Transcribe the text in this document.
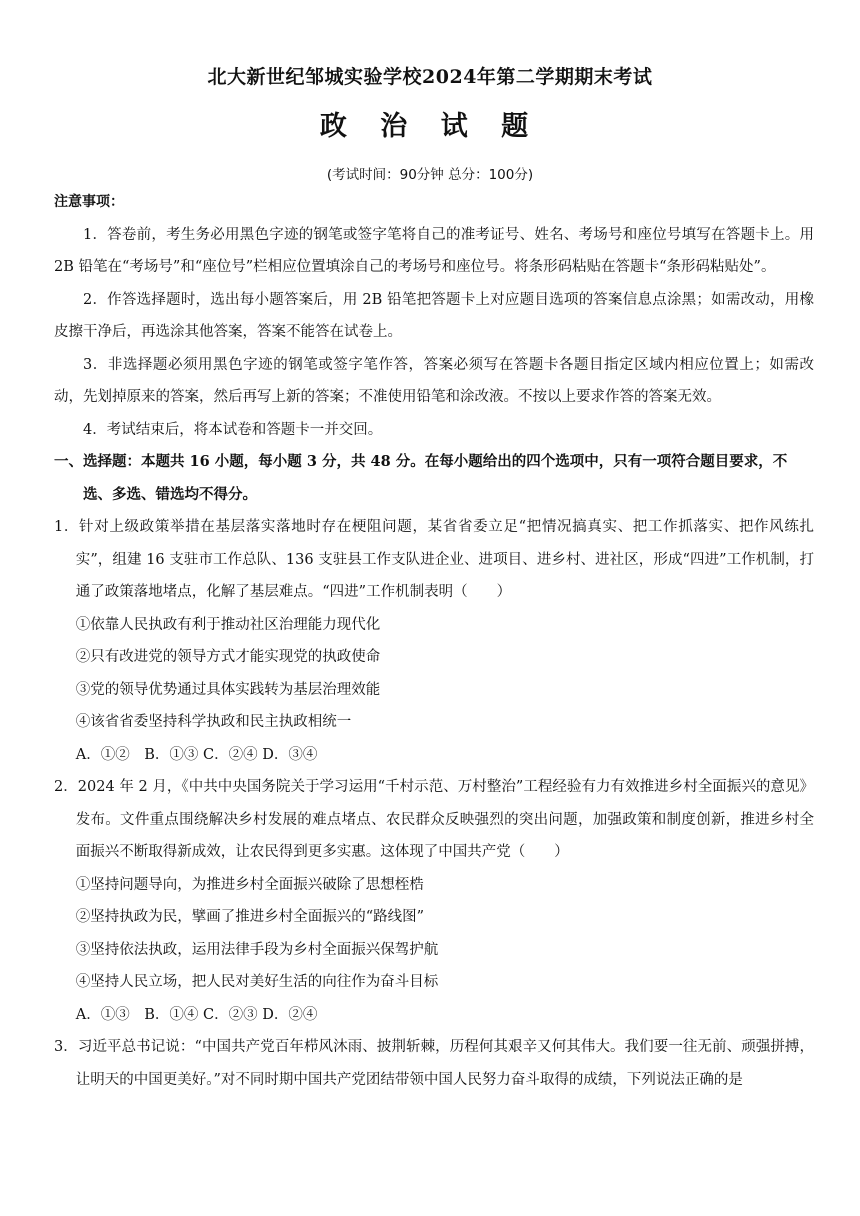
北大新世纪邹城实验学校2024年第二学期期末考试
政 治 试 题

(考试时间：90分钟 总分：100分)

注意事项：

1．答卷前，考生务必用黑色字迹的钢笔或签字笔将自己的准考证号、姓名、考场号和座位号填写在答题卡上。用 2B 铅笔在“考场号”和“座位号”栏相应位置填涂自己的考场号和座位号。将条形码粘贴在答题卡“条形码粘贴处”。

2．作答选择题时，选出每小题答案后，用 2B 铅笔把答题卡上对应题目选项的答案信息点涂黑；如需改动，用橡皮擦干净后，再选涂其他答案，答案不能答在试卷上。

3．非选择题必须用黑色字迹的钢笔或签字笔作答，答案必须写在答题卡各题目指定区域内相应位置上；如需改动，先划掉原来的答案，然后再写上新的答案；不准使用铅笔和涂改液。不按以上要求作答的答案无效。

4．考试结束后，将本试卷和答题卡一并交回。

一、选择题：本题共 16 小题，每小题 3 分，共 48 分。在每小题给出的四个选项中，只有一项符合题目要求，不选、多选、错选均不得分。

1．针对上级政策举措在基层落实落地时存在梗阻问题，某省省委立足“把情况搞真实、把工作抓落实、把作风练扎实”，组建 16 支驻市工作总队、136 支驻县工作支队进企业、进项目、进乡村、进社区，形成“四进”工作机制，打通了政策落地堵点，化解了基层难点。“四进”工作机制表明（　　）

①依靠人民执政有利于推动社区治理能力现代化

②只有改进党的领导方式才能实现党的执政使命

③党的领导优势通过具体实践转为基层治理效能

④该省省委坚持科学执政和民主执政相统一

A．①②　B．①③ C．②④ D．③④

2．2024 年 2 月，《中共中央国务院关于学习运用“千村示范、万村整治”工程经验有力有效推进乡村全面振兴的意见》发布。文件重点围绕解决乡村发展的难点堵点、农民群众反映强烈的突出问题，加强政策和制度创新，推进乡村全面振兴不断取得新成效，让农民得到更多实惠。这体现了中国共产党（　　）

①坚持问题导向，为推进乡村全面振兴破除了思想桎梏

②坚持执政为民，擘画了推进乡村全面振兴的“路线图”

③坚持依法执政，运用法律手段为乡村全面振兴保驾护航

④坚持人民立场，把人民对美好生活的向往作为奋斗目标

A．①③　B．①④ C．②③ D．②④

3．习近平总书记说：“中国共产党百年栉风沐雨、披荆斩棘，历程何其艰辛又何其伟大。我们要一往无前、顽强拼搏，让明天的中国更美好。”对不同时期中国共产党团结带领中国人民努力奋斗取得的成绩，下列说法正确的是
